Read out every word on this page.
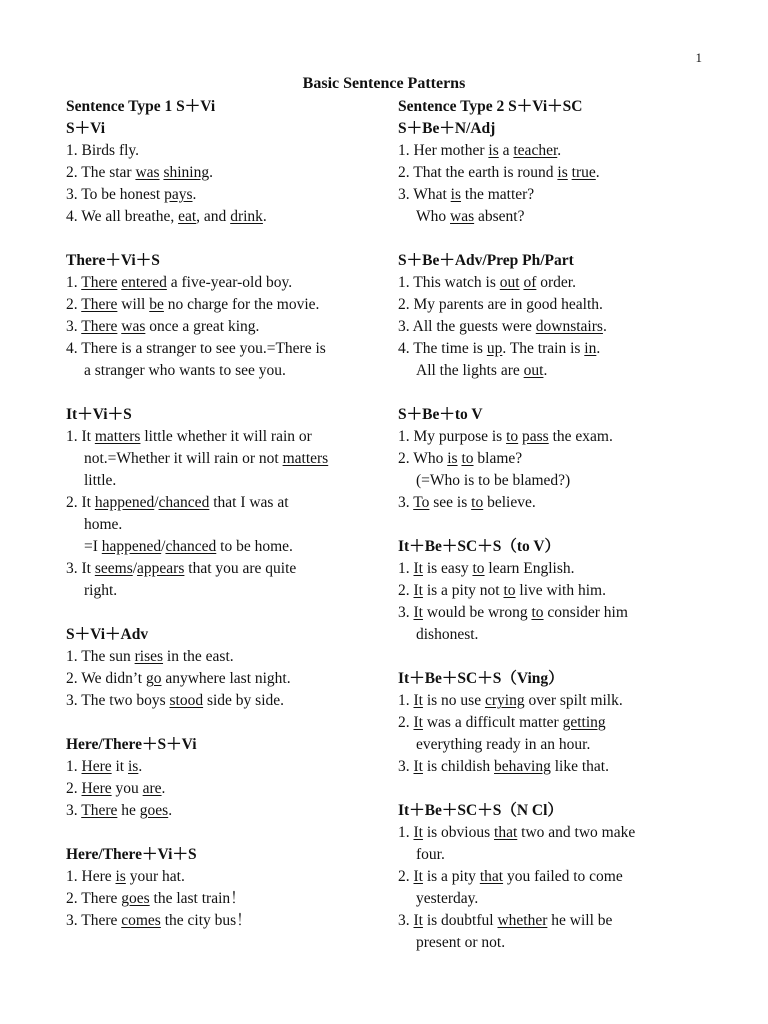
1
Basic Sentence Patterns
Sentence Type 1 S＋Vi
S＋Vi
1. Birds fly.
2. The star was shining.
3. To be honest pays.
4. We all breathe, eat, and drink.
There＋Vi＋S
1. There entered a five-year-old boy.
2. There will be no charge for the movie.
3. There was once a great king.
4. There is a stranger to see you.=There is
a stranger who wants to see you.
It＋Vi＋S
1. It matters little whether it will rain or
not.=Whether it will rain or not matters
little.
2. It happened/chanced that I was at
home.
=I happened/chanced to be home.
3. It seems/appears that you are quite
right.
S＋Vi＋Adv
1. The sun rises in the east.
2. We didn’t go anywhere last night.
3. The two boys stood side by side.
Here/There＋S＋Vi
1. Here it is.
2. Here you are.
3. There he goes.
Here/There＋Vi＋S
1. Here is your hat.
2. There goes the last train！
3. There comes the city bus！
Sentence Type 2 S＋Vi＋SC
S＋Be＋N/Adj
1. Her mother is a teacher.
2. That the earth is round is true.
3. What is the matter?
Who was absent?
S＋Be＋Adv/Prep Ph/Part
1. This watch is out of order.
2. My parents are in good health.
3. All the guests were downstairs.
4. The time is up. The train is in.
All the lights are out.
S＋Be＋to V
1. My purpose is to pass the exam.
2. Who is to blame?
(=Who is to be blamed?)
3. To see is to believe.
It＋Be＋SC＋S（to V）
1. It is easy to learn English.
2. It is a pity not to live with him.
3. It would be wrong to consider him
dishonest.
It＋Be＋SC＋S（Ving）
1. It is no use crying over spilt milk.
2. It was a difficult matter getting
everything ready in an hour.
3. It is childish behaving like that.
It＋Be＋SC＋S（N Cl）
1. It is obvious that two and two make
four.
2. It is a pity that you failed to come
yesterday.
3. It is doubtful whether he will be
present or not.
